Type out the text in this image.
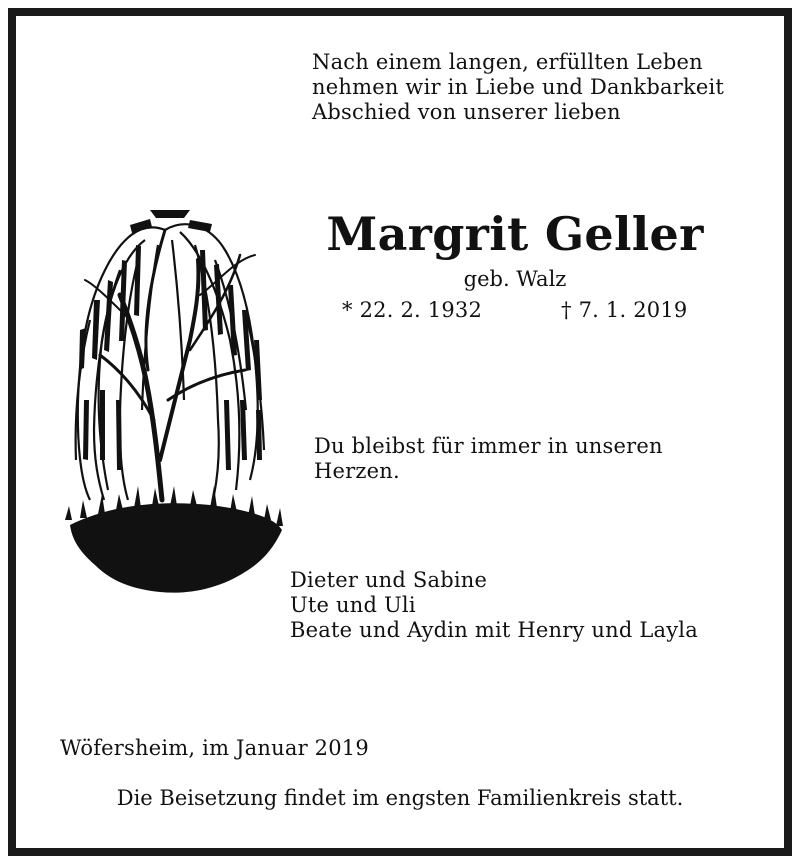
Nach einem langen, erfüllten Leben
nehmen wir in Liebe und Dankbarkeit
Abschied von unserer lieben
Margrit Geller
geb. Walz
* 22. 2. 1932	† 7. 1. 2019
Du bleibst für immer in unseren
Herzen.
Dieter und Sabine
Ute und Uli
Beate und Aydin mit Henry und Layla
Wöfersheim, im Januar 2019
Die Beisetzung findet im engsten Familienkreis statt.
